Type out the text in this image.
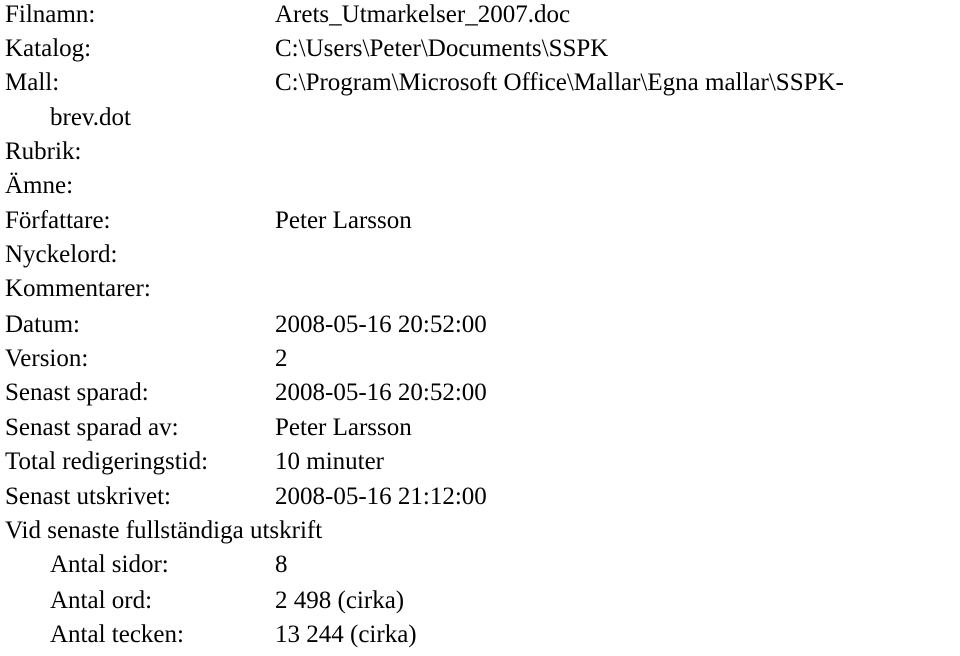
Filnamn:	Arets_Utmarkelser_2007.doc
Katalog:	C:\Users\Peter\Documents\SSPK
Mall:	C:\Program\Microsoft Office\Mallar\Egna mallar\SSPK-
brev.dot
Rubrik:
Ämne:
Författare:	Peter Larsson
Nyckelord:
Kommentarer:
Datum:	2008-05-16 20:52:00
Version:	2
Senast sparad:	2008-05-16 20:52:00
Senast sparad av:	Peter Larsson
Total redigeringstid:	10 minuter
Senast utskrivet:	2008-05-16 21:12:00
Vid senaste fullständiga utskrift
Antal sidor:	8
Antal ord:	2 498 (cirka)
Antal tecken:	13 244 (cirka)
